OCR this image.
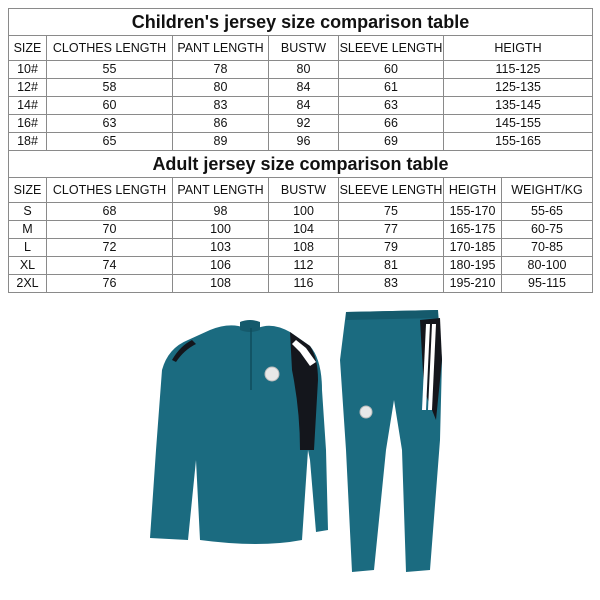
Children's jersey size comparison table						
SIZE	CLOTHES LENGTH	PANT LENGTH	BUSTW	SLEEVE LENGTH	HEIGTH	
10#	55	78	80	60	115-125	
12#	58	80	84	61	125-135	
14#	60	83	84	63	135-145	
16#	63	86	92	66	145-155	
18#	65	89	96	69	155-165	
Adult jersey size comparison table						
SIZE	CLOTHES LENGTH	PANT LENGTH	BUSTW	SLEEVE LENGTH	HEIGTH	WEIGHT/KG
S	68	98	100	75	155-170	55-65
M	70	100	104	77	165-175	60-75
L	72	103	108	79	170-185	70-85
XL	74	106	112	81	180-195	80-100
2XL	76	108	116	83	195-210	95-115
